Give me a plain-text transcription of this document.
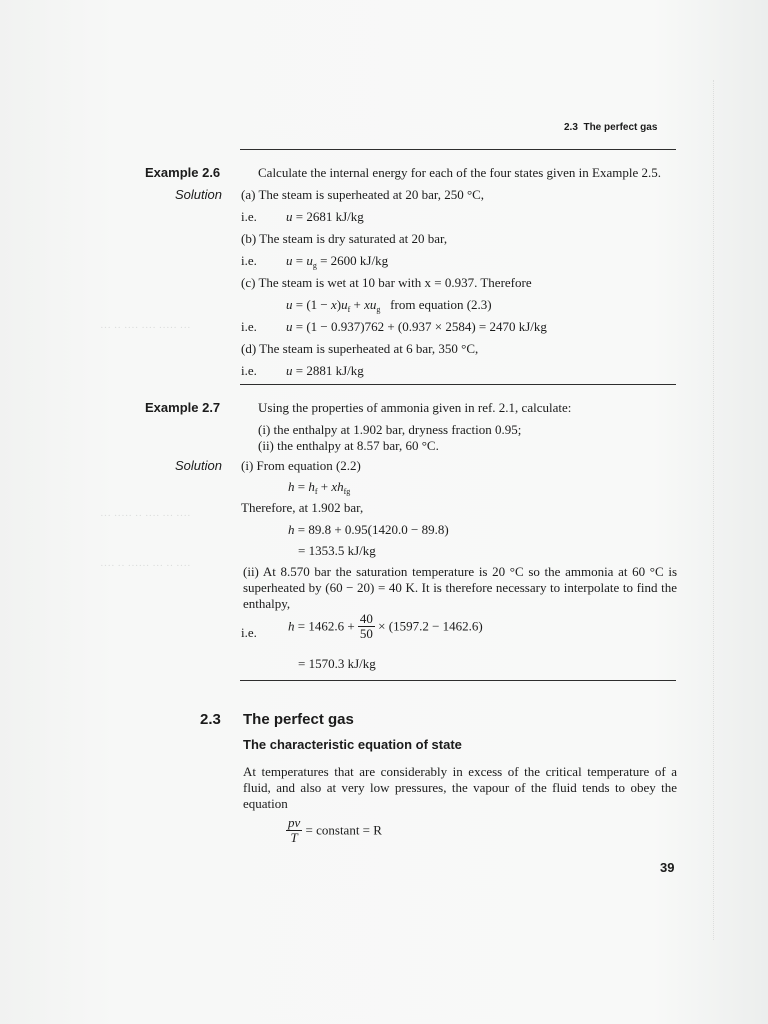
··· ·· ···· ···· ····· ···
··· ····· ·· ···· ··· ····
···· ·· ······ ··· ·· ····
2.3 The perfect gas
Example 2.6	Calculate the internal energy for each of the four states given in Example 2.5.
Solution (a) The steam is superheated at 20 bar, 250 °C,
i.e. u = 2681 kJ/kg
(b) The steam is dry saturated at 20 bar,
i.e. $u = u_g = 2600$ kJ/kg
(c) The steam is wet at 10 bar with x = 0.937. Therefore
$u = (1 - x)u_f + xu_g$ from equation (2.3)
i.e. u = (1 − 0.937)762 + (0.937 × 2584) = 2470 kJ/kg
(d) The steam is superheated at 6 bar, 350 °C,
i.e. u = 2881 kJ/kg
Example 2.7	Using the properties of ammonia given in ref. 2.1, calculate:
(i) the enthalpy at 1.902 bar, dryness fraction 0.95;
(ii) the enthalpy at 8.57 bar, 60 °C.
Solution (i) From equation (2.2)
$h = h_f + xh_{fg}$
Therefore, at 1.902 bar,
h = 89.8 + 0.95(1420.0 − 89.8)
= 1353.5 kJ/kg
(ii) At 8.570 bar the saturation temperature is 20 °C so the ammonia at 60 °C is superheated by (60 − 20) = 40 K. It is therefore necessary to interpolate to find the enthalpy,
i.e. $h = 1462.6 + \frac{40}{50} \times (1597.2 - 1462.6)$
= 1570.3 kJ/kg
2.3 The perfect gas
The characteristic equation of state
At temperatures that are considerably in excess of the critical temperature of a fluid, and also at very low pressures, the vapour of the fluid tends to obey the equation
$\frac{pv}{T}$ = constant = R
39
